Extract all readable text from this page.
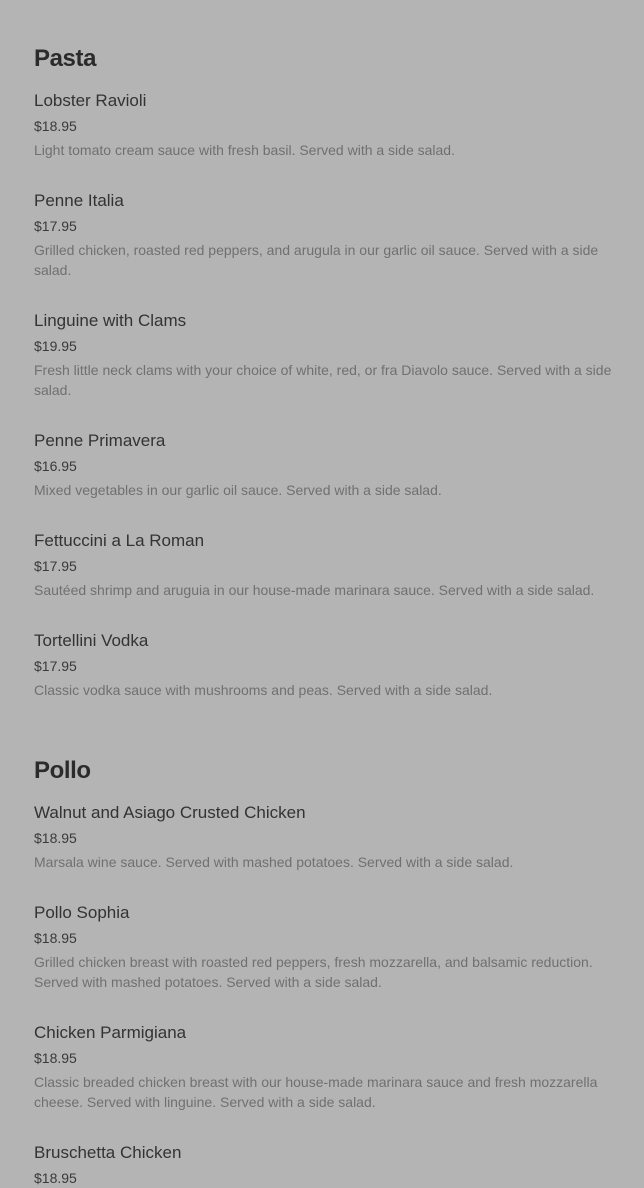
Pasta
Lobster Ravioli
$18.95
Light tomato cream sauce with fresh basil. Served with a side salad.
Penne Italia
$17.95
Grilled chicken, roasted red peppers, and arugula in our garlic oil sauce. Served with a side salad.
Linguine with Clams
$19.95
Fresh little neck clams with your choice of white, red, or fra Diavolo sauce. Served with a side salad.
Penne Primavera
$16.95
Mixed vegetables in our garlic oil sauce. Served with a side salad.
Fettuccini a La Roman
$17.95
Sautéed shrimp and aruguia in our house-made marinara sauce. Served with a side salad.
Tortellini Vodka
$17.95
Classic vodka sauce with mushrooms and peas. Served with a side salad.
Pollo
Walnut and Asiago Crusted Chicken
$18.95
Marsala wine sauce. Served with mashed potatoes. Served with a side salad.
Pollo Sophia
$18.95
Grilled chicken breast with roasted red peppers, fresh mozzarella, and balsamic reduction. Served with mashed potatoes. Served with a side salad.
Chicken Parmigiana
$18.95
Classic breaded chicken breast with our house-made marinara sauce and fresh mozzarella cheese. Served with linguine. Served with a side salad.
Bruschetta Chicken
$18.95
